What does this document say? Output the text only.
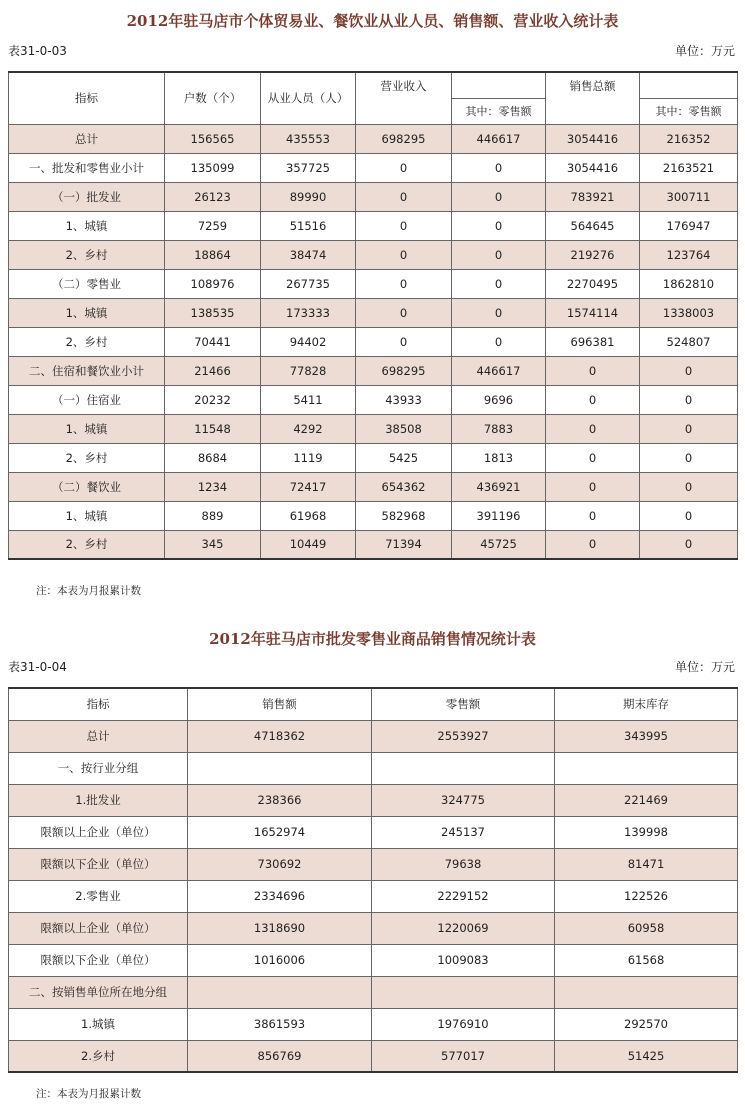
2012年驻马店市个体贸易业、餐饮业从业人员、销售额、营业收入统计表
表31-0-03	单位：万元
指标	户数（个）	从业人员（人）	营业收入		销售总额	
				其中：零售额		其中：零售额
总计	156565	435553	698295	446617	3054416	216352
一、批发和零售业小计	135099	357725	0	0	3054416	2163521
（一）批发业	26123	89990	0	0	783921	300711
1、城镇	7259	51516	0	0	564645	176947
2、乡村	18864	38474	0	0	219276	123764
（二）零售业	108976	267735	0	0	2270495	1862810
1、城镇	138535	173333	0	0	1574114	1338003
2、乡村	70441	94402	0	0	696381	524807
二、住宿和餐饮业小计	21466	77828	698295	446617	0	0
（一）住宿业	20232	5411	43933	9696	0	0
1、城镇	11548	4292	38508	7883	0	0
2、乡村	8684	1119	5425	1813	0	0
（二）餐饮业	1234	72417	654362	436921	0	0
1、城镇	889	61968	582968	391196	0	0
2、乡村	345	10449	71394	45725	0	0
注：本表为月报累计数
2012年驻马店市批发零售业商品销售情况统计表
表31-0-04	单位：万元
指标	销售额	零售额	期末库存
总计	4718362	2553927	343995
一、按行业分组			
1.批发业	238366	324775	221469
限额以上企业（单位）	1652974	245137	139998
限额以下企业（单位）	730692	79638	81471
2.零售业	2334696	2229152	122526
限额以上企业（单位）	1318690	1220069	60958
限额以下企业（单位）	1016006	1009083	61568
二、按销售单位所在地分组			
1.城镇	3861593	1976910	292570
2.乡村	856769	577017	51425
注：本表为月报累计数
